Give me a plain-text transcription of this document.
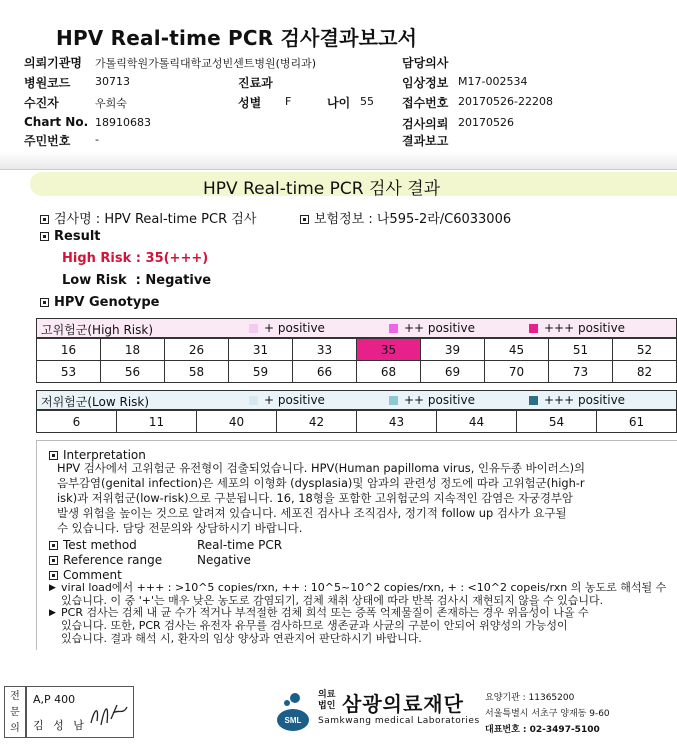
HPV Real-time PCR 검사결과보고서
의뢰기관명 가톨릭학원가톨릭대학교성빈센트병원(병리과)	담당의사
병원코드 30713	진료과	임상정보 M17-002534
수진자	우희숙	성별 F	나이 55 접수번호 20170526-22208
Chart No. 18910683	검사의뢰 20170526
주민번호 -	결과보고
HPV Real-time PCR 검사 결과
검사명 : HPV Real-time PCR 검사	보험정보 : 나595-2라/C6033006
Result
High Risk : 35(+++)
Low Risk  : Negative
HPV Genotype
고위험군(High Risk)	+ positive	++ positive	+++ positive
16	18	26	31	33	35	39	45	51	52
53	56	58	59	66	68	69	70	73	82
저위험군(Low Risk)	+ positive	++ positive	+++ positive
6	11	40	42	43	44	54	61
Interpretation

HPV 검사에서 고위험군 유전형이 검출되었습니다. HPV(Human papilloma virus, 인유두종 바이러스)의
음부감염(genital infection)은 세포의 이형화 (dysplasia)및 암과의 관련성 정도에 따라 고위험군(high-r
isk)과 저위험군(low-risk)으로 구분됩니다. 16, 18형을 포함한 고위험군의 지속적인 감염은 자궁경부암
발생 위험을 높이는 것으로 알려져 있습니다. 세포진 검사나 조직검사, 정기적 follow up 검사가 요구될
수 있습니다. 담당 전문의와 상담하시기 바랍니다.

Test method	Real-time PCR
Reference range	Negative
Comment
▶ viral load에서 +++ : >10^5 copies/rxn, ++ : 10^5~10^2 copies/rxn, + : <10^2 copeis/rxn 의 농도로 해석될 수
있습니다. 이 중 '+'는 매우 낮은 농도로 감염되기, 검체 채취 상태에 따라 반복 검사시 재현되지 않을 수 있습니다.

▶ PCR 검사는 검체 내 균 수가 적거나 부적절한 검체 희석 또는 증폭 억제물질이 존재하는 경우 위음성이 나올 수
있습니다. 또한, PCR 검사는 유전자 유무를 검사하므로 생존균과 사균의 구분이 안되어 위양성의 가능성이
있습니다. 결과 해석 시, 환자의 임상 양상과 연관지어 판단하시기 바랍니다.

전문의
A,P 400
김 성 남	SML
의료
법인 삼광의료재단
Samkwang medical Laboratories
요양기관 : 11365200
서울특별시 서초구 양재동 9-60
대표번호 : 02-3497-5100
